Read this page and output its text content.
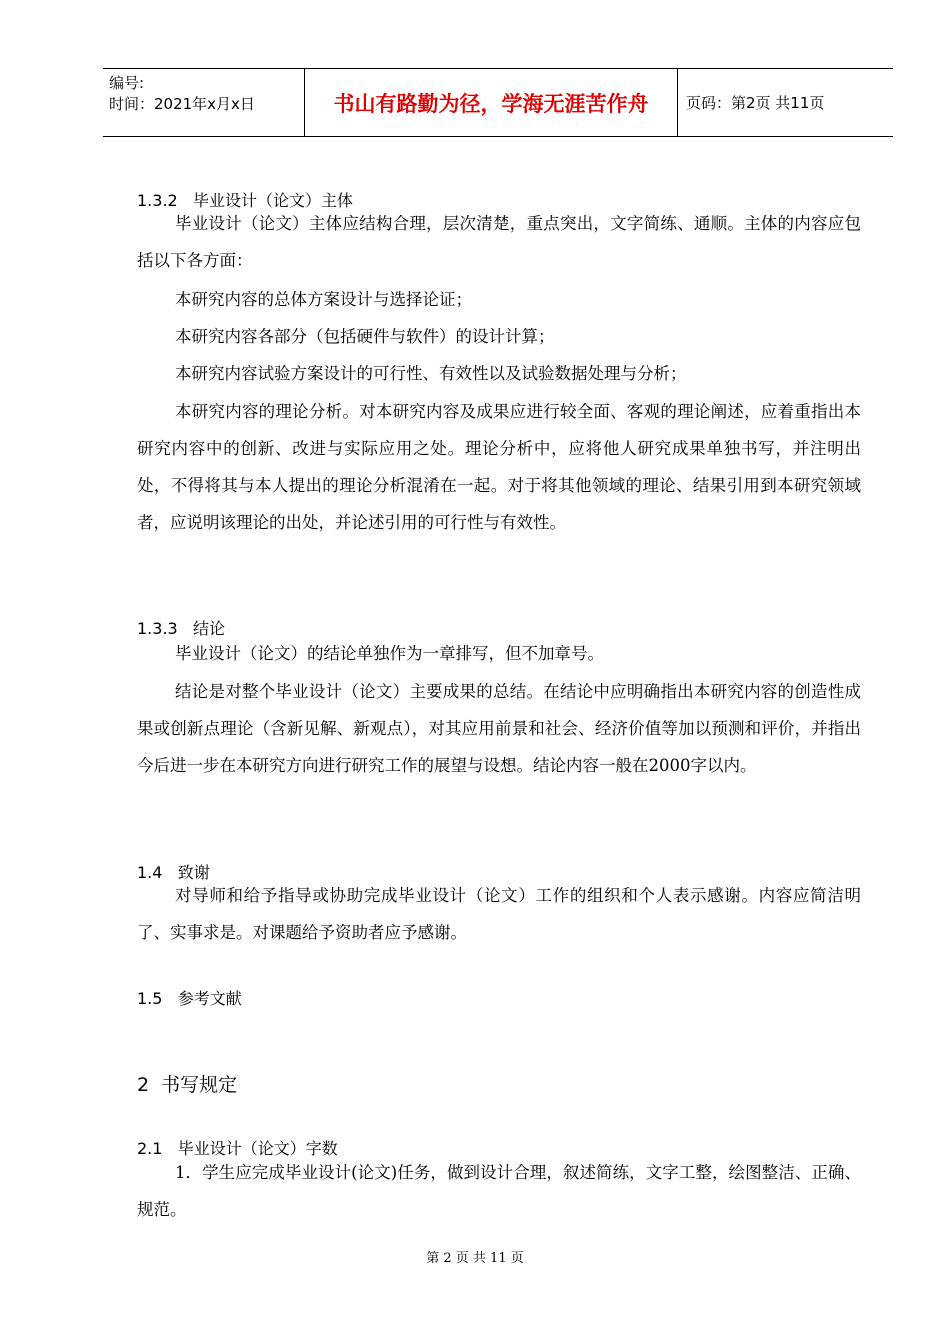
编号:
时间：2021年x月x日	书山有路勤为径，学海无涯苦作舟	页码：第2页 共11页
1.3.2   毕业设计（论文）主体

毕业设计（论文）主体应结构合理，层次清楚，重点突出，文字简练、通顺。主体的内容应包括以下各方面：

本研究内容的总体方案设计与选择论证；

本研究内容各部分（包括硬件与软件）的设计计算；

本研究内容试验方案设计的可行性、有效性以及试验数据处理与分析；

本研究内容的理论分析。对本研究内容及成果应进行较全面、客观的理论阐述，应着重指出本研究内容中的创新、改进与实际应用之处。理论分析中，应将他人研究成果单独书写，并注明出处，不得将其与本人提出的理论分析混淆在一起。对于将其他领域的理论、结果引用到本研究领域者，应说明该理论的出处，并论述引用的可行性与有效性。

1.3.3   结论

毕业设计（论文）的结论单独作为一章排写，但不加章号。

结论是对整个毕业设计（论文）主要成果的总结。在结论中应明确指出本研究内容的创造性成果或创新点理论（含新见解、新观点），对其应用前景和社会、经济价值等加以预测和评价，并指出今后进一步在本研究方向进行研究工作的展望与设想。结论内容一般在2000字以内。

1.4   致谢

对导师和给予指导或协助完成毕业设计（论文）工作的组织和个人表示感谢。内容应简洁明了、实事求是。对课题给予资助者应予感谢。

1.5   参考文献
2  书写规定
2.1   毕业设计（论文）字数

1．学生应完成毕业设计(论文)任务，做到设计合理，叙述简练，文字工整，绘图整洁、正确、规范。

第 2 页 共 11 页
